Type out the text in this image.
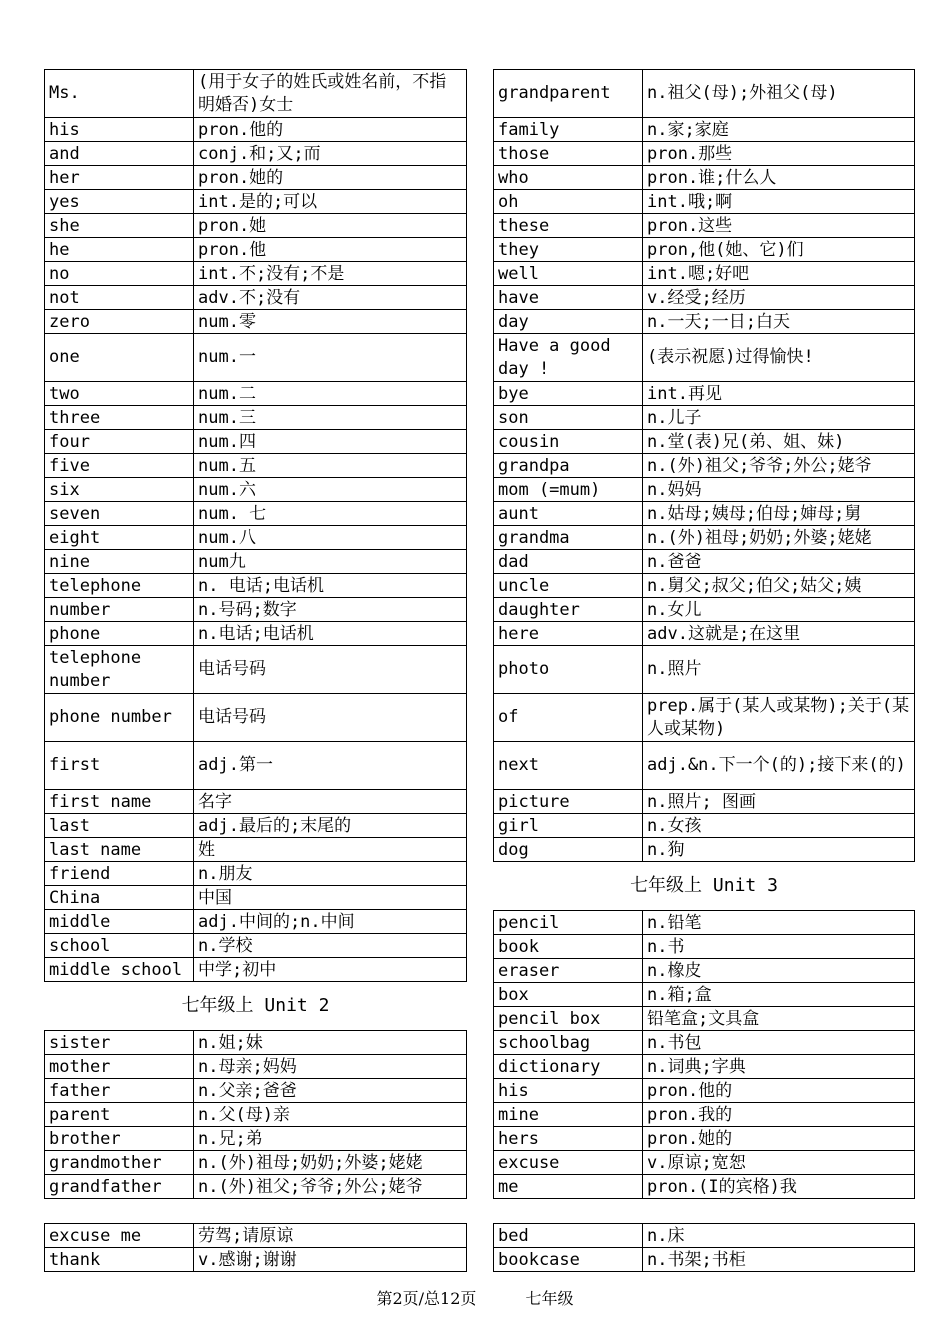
Ms.	(用于女子的姓氏或姓名前，不指明婚否)女士
his	pron.他的
and	conj.和;又;而
her	pron.她的
yes	int.是的;可以
she	pron.她
he	pron.他
no	int.不;没有;不是
not	adv.不;没有
zero	num.零
one	num.一
two	num.二
three	num.三
four	num.四
five	num.五
six	num.六
seven	num. 七
eight	num.八
nine	num九
telephone	n. 电话;电话机
number	n.号码;数字
phone	n.电话;电话机
telephone number	电话号码
phone number	电话号码
first	adj.第一
first name	名字
last	adj.最后的;末尾的
last name	姓
friend	n.朋友
China	中国
middle	adj.中间的;n.中间
school	n.学校
middle school	中学;初中
七年级上 Unit 2
sister	n.姐;妹
mother	n.母亲;妈妈
father	n.父亲;爸爸
parent	n.父(母)亲
brother	n.兄;弟
grandmother	n.(外)祖母;奶奶;外婆;姥姥
grandfather	n.(外)祖父;爷爷;外公;姥爷
excuse me	劳驾;请原谅
thank	v.感谢;谢谢
grandparent	n.祖父(母);外祖父(母)
family	n.家;家庭
those	pron.那些
who	pron.谁;什么人
oh	int.哦;啊
these	pron.这些
they	pron,他(她、它)们
well	int.嗯;好吧
have	v.经受;经历
day	n.一天;一日;白天
Have a good day !	(表示祝愿)过得愉快!
bye	int.再见
son	n.儿子
cousin	n.堂(表)兄(弟、姐、妹)
grandpa	n.(外)祖父;爷爷;外公;姥爷
mom (=mum)	n.妈妈
aunt	n.姑母;姨母;伯母;婶母;舅
grandma	n.(外)祖母;奶奶;外婆;姥姥
dad	n.爸爸
uncle	n.舅父;叔父;伯父;姑父;姨
daughter	n.女儿
here	adv.这就是;在这里
photo	n.照片
of	prep.属于(某人或某物);关于(某人或某物)
next	adj.&n.下一个(的);接下来(的)
picture	n.照片; 图画
girl	n.女孩
dog	n.狗
七年级上 Unit 3
pencil	n.铅笔
book	n.书
eraser	n.橡皮
box	n.箱;盒
pencil box	铅笔盒;文具盒
schoolbag	n.书包
dictionary	n.词典;字典
his	pron.他的
mine	pron.我的
hers	pron.她的
excuse	v.原谅;宽恕
me	pron.(I的宾格)我
bed	n.床
bookcase	n.书架;书柜
第2页/总12页	七年级
